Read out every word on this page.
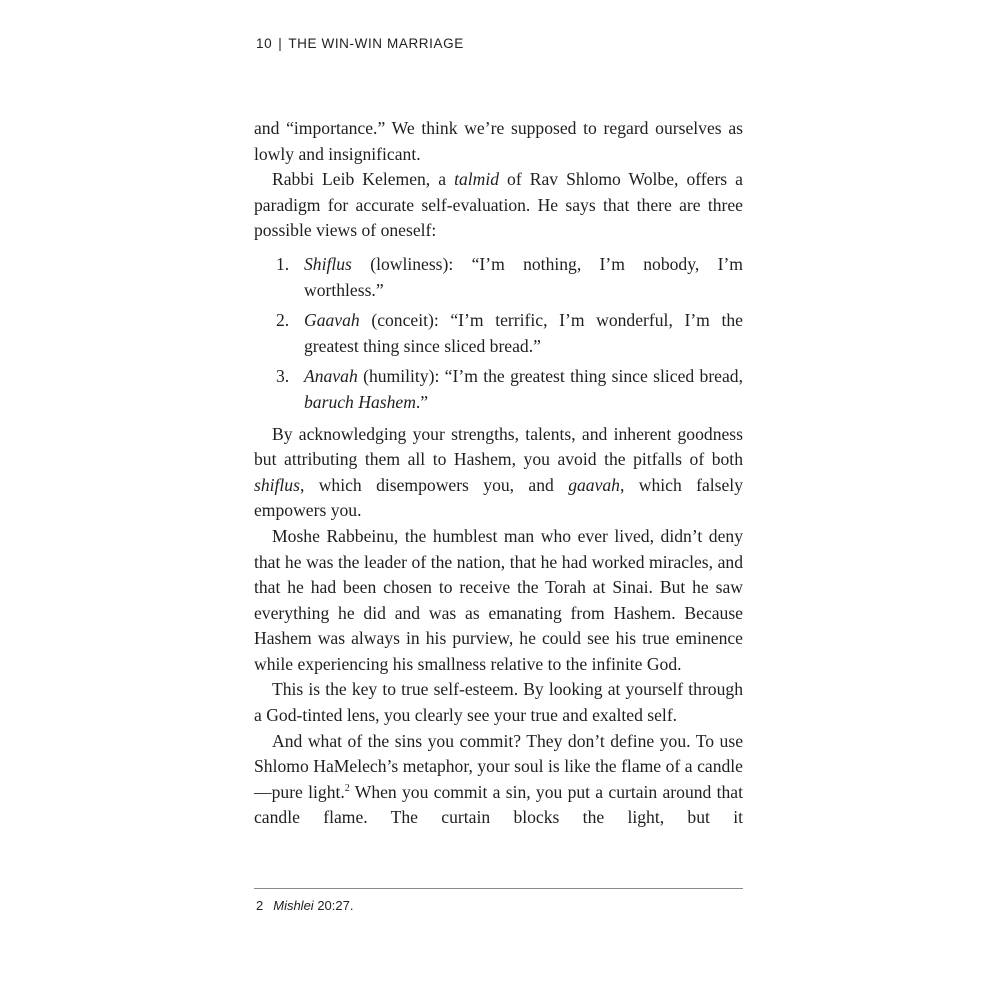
10 | THE WIN-WIN MARRIAGE

and “importance.” We think we’re supposed to regard ourselves as lowly and insignificant.

Rabbi Leib Kelemen, a talmid of Rav Shlomo Wolbe, offers a paradigm for accurate self-evaluation. He says that there are three possible views of oneself:

1. Shiflus (lowliness): “I’m nothing, I’m nobody, I’m worthless.”
2. Gaavah (conceit): “I’m terrific, I’m wonderful, I’m the greatest thing since sliced bread.”
3. Anavah (humility): “I’m the greatest thing since sliced bread, baruch Hashem.”

By acknowledging your strengths, talents, and inherent goodness but attributing them all to Hashem, you avoid the pitfalls of both shiflus, which disempowers you, and gaavah, which falsely empowers you.

Moshe Rabbeinu, the humblest man who ever lived, didn’t deny that he was the leader of the nation, that he had worked miracles, and that he had been chosen to receive the Torah at Sinai. But he saw everything he did and was as emanating from Hashem. Because Hashem was always in his purview, he could see his true eminence while experiencing his smallness relative to the infinite God.

This is the key to true self-esteem. By looking at yourself through a God-tinted lens, you clearly see your true and exalted self.

And what of the sins you commit? They don’t define you. To use Shlomo HaMelech’s metaphor, your soul is like the flame of a candle—pure light.$^2$ When you commit a sin, you put a curtain around that candle flame. The curtain blocks the light, but it

2 Mishlei 20:27.
